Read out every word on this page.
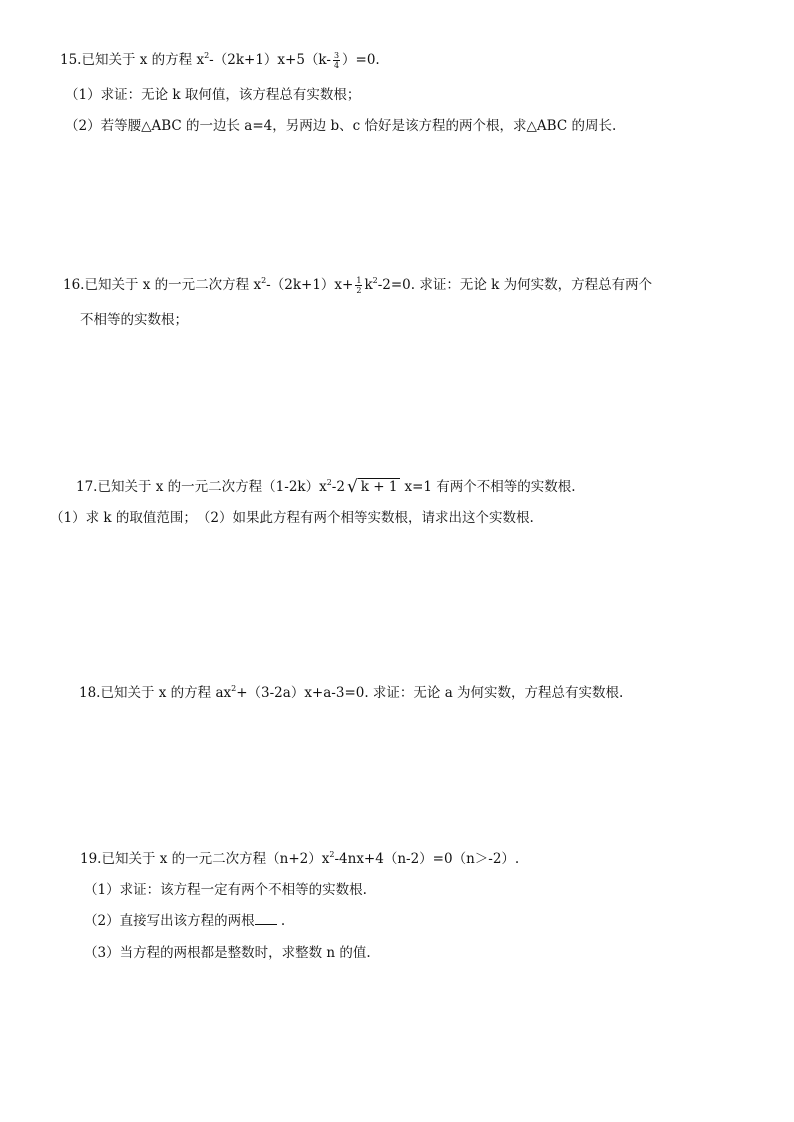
15.已知关于 x 的方程 $x^2-(2k+1)x+5(k- \frac{3}{4} )=0$.
（1）求证：无论 k 取何值，该方程总有实数根；
（2）若等腰△ABC 的一边长 a=4，另两边 b、c 恰好是该方程的两个根，求△ABC 的周长.
16.已知关于 x 的一元二次方程 $x^2-(2k+1)x+ \frac{1}{2} k^2-2=0$. 求证：无论 k 为何实数，方程总有两个
不相等的实数根；
17.已知关于 x 的一元二次方程$(1-2k)x^2-2$ √ k + 1 x=1 有两个不相等的实数根.
（1）求 k 的取值范围；　（2）如果此方程有两个相等实数根，请求出这个实数根.
18.已知关于 x 的方程 $ax^2+(3-2a)x+a-3=0$. 求证：无论 a 为何实数，方程总有实数根.
19.已知关于 x 的一元二次方程$(n+2)x^2-4nx+4(n-2)=0(n>-2)$.
（1）求证：该方程一定有两个不相等的实数根.
（2）直接写出该方程的两根 .
（3）当方程的两根都是整数时，求整数 n 的值.
